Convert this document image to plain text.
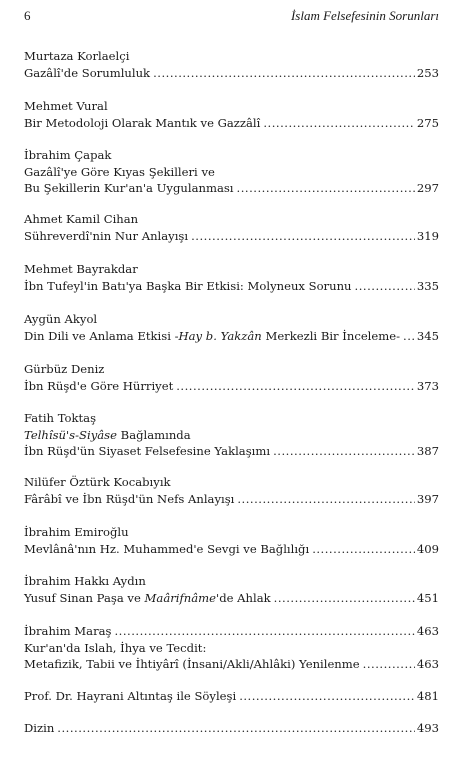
6	İslam Felsefesinin Sorunları
Murtaza Korlaelçi
Gazâlî'de Sorumluluk .....	253
Mehmet Vural
Bir Metodoloji Olarak Mantık ve Gazzâlî .....	275
İbrahim Çapak
Gazâlî'ye Göre Kıyas Şekilleri ve
Bu Şekillerin Kur'an'a Uygulanması .....	297
Ahmet Kamil Cihan
Sühreverdî'nin Nur Anlayışı .....	319
Mehmet Bayrakdar
İbn Tufeyl'in Batı'ya Başka Bir Etkisi: Molyneux Sorunu .....	335
Aygün Akyol
Din Dili ve Anlama Etkisi -Hay b. Yakzân Merkezli Bir İnceleme- ..... 345
Gürbüz Deniz
İbn Rüşd'e Göre Hürriyet .....	373
Fatih Toktaş
Telhîsü's-Siyâse Bağlamında
İbn Rüşd'ün Siyaset Felsefesine Yaklaşımı .....	387
Nilüfer Öztürk Kocabıyık
Fârâbî ve İbn Rüşd'ün Nefs Anlayışı .....	397
İbrahim Emiroğlu
Mevlânâ'nın Hz. Muhammed'e Sevgi ve Bağlılığı .....	409
İbrahim Hakkı Aydın
Yusuf Sinan Paşa ve Maârifnâme'de Ahlak .....	451
İbrahim Maraş .....	463
Kur'an'da Islah, İhya ve Tecdit:
Metafizik, Tabii ve İhtiyârî (İnsani/Akli/Ahlâki) Yenilenme .....	463
Prof. Dr. Hayrani Altıntaş ile Söyleşi .....	481
Dizin .....	493
